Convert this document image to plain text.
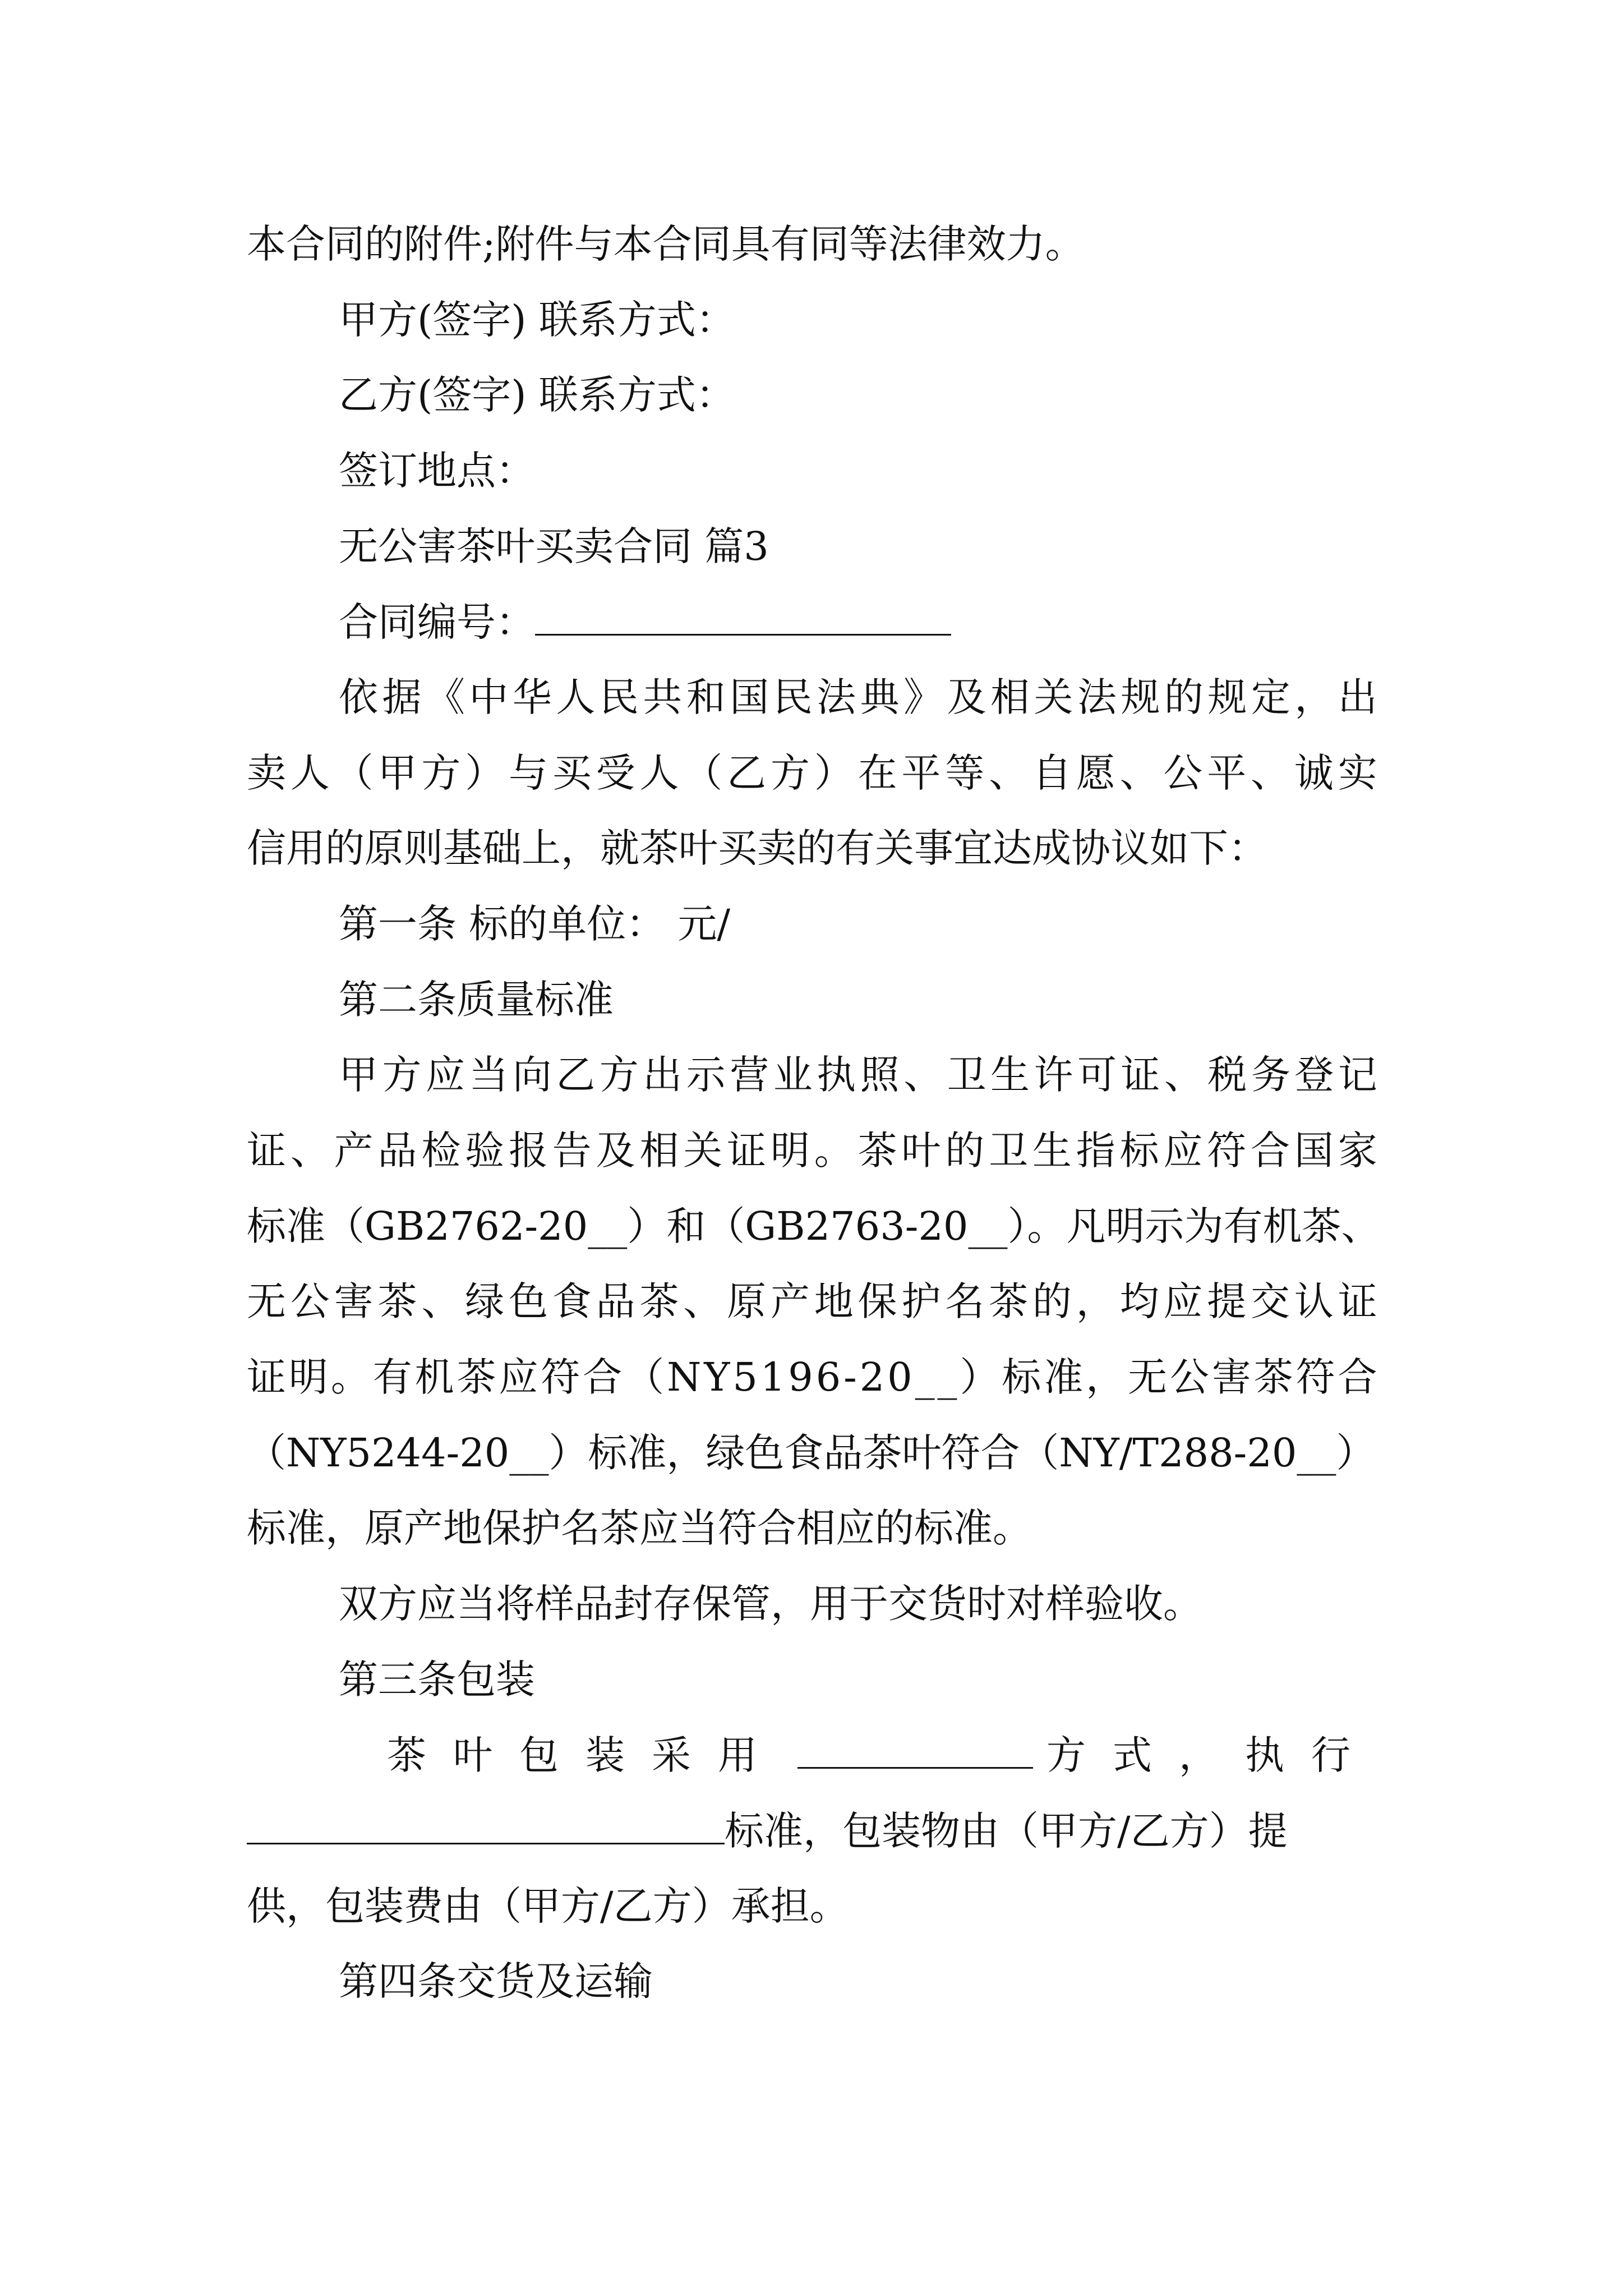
本合同的附件;附件与本合同具有同等法律效力。
甲方(签字) 联系方式：
乙方(签字) 联系方式：
签订地点：
无公害茶叶买卖合同 篇3
合同编号：
依 据 《 中 华 人 民 共 和 国 民 法 典 》 及 相 关 法 规 的 规 定 ， 出
卖 人 （ 甲 方 ） 与 买 受 人 （ 乙 方 ） 在 平 等 、 自 愿 、 公 平 、 诚 实
信用的原则基础上，就茶叶买卖的有关事宜达成协议如下：
第一条 标的单位： 元/
第二条质量标准
甲 方 应 当 向 乙 方 出 示 营 业 执 照 、 卫 生 许 可 证 、 税 务 登 记
证 、 产 品 检 验 报 告 及 相 关 证 明 。 茶 叶 的 卫 生 指 标 应 符 合 国 家
标准（GB2762-20__）和（GB2763-20__）。凡明示为有机茶、
无 公 害 茶 、 绿 色 食 品 茶 、 原 产 地 保 护 名 茶 的 ， 均 应 提 交 认 证
证 明 。 有 机 茶 应 符 合 （ N Y 5 1 9 6 - 2 0 _ _ ） 标 准 ， 无 公 害 茶 符 合
（NY5244-20__）标准，绿色食品茶叶符合（NY/T288-20__）
标准，原产地保护名茶应当符合相应的标准。
双方应当将样品封存保管，用于交货时对样验收。
第三条包装
茶叶包装采用	方式，执行
标准，包装物由（甲方/乙方）提
供，包装费由（甲方/乙方）承担。
第四条交货及运输
